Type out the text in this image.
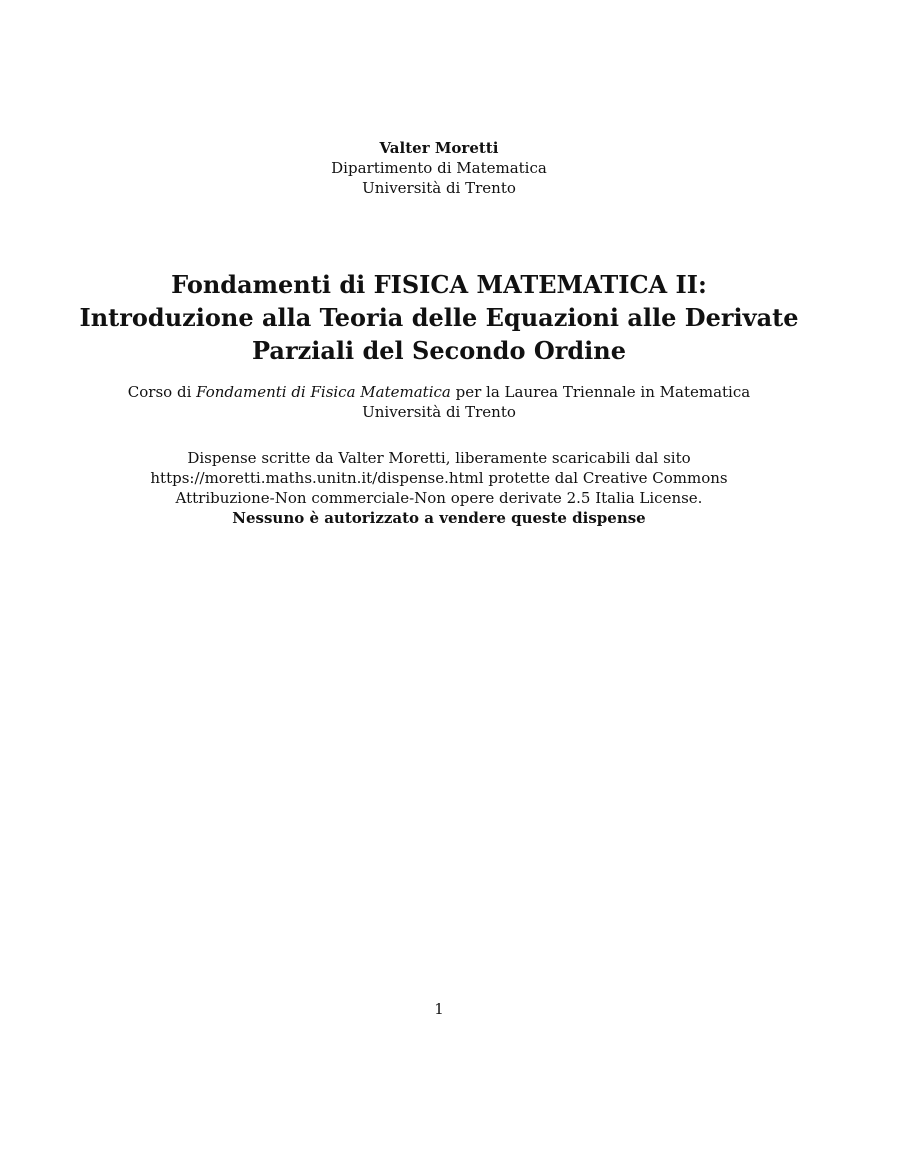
Valter Moretti
Dipartimento di Matematica
Università di Trento
Fondamenti di FISICA MATEMATICA II:
Introduzione alla Teoria delle Equazioni alle Derivate
Parziali del Secondo Ordine
Corso di Fondamenti di Fisica Matematica per la Laurea Triennale in Matematica
Università di Trento
Dispense scritte da Valter Moretti, liberamente scaricabili dal sito
https://moretti.maths.unitn.it/dispense.html protette dal Creative Commons
Attribuzione-Non commerciale-Non opere derivate 2.5 Italia License.
Nessuno è autorizzato a vendere queste dispense
1
